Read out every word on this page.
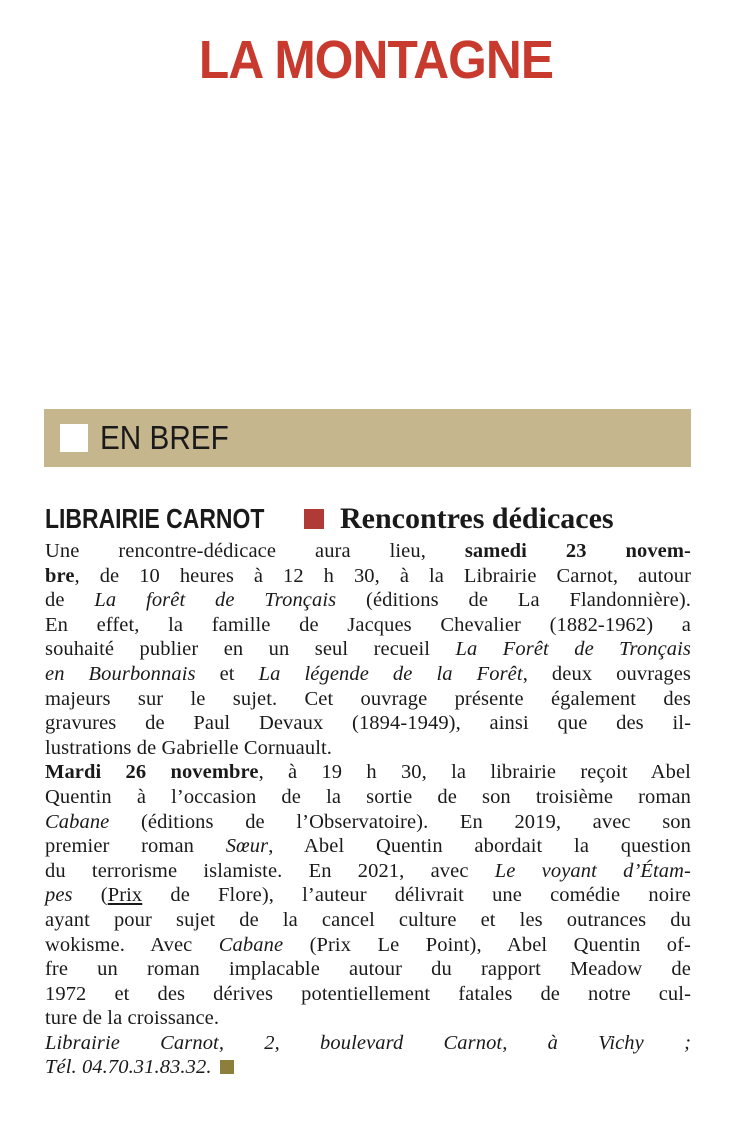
LA MONTAGNE
EN BREF
LIBRAIRIE CARNOT	Rencontres dédicaces
Une rencontre-dédicace aura lieu, samedi 23 novem-
bre, de 10 heures à 12 h 30, à la Librairie Carnot, autour
de La forêt de Tronçais (éditions de La Flandonnière).
En effet, la famille de Jacques Chevalier (1882-1962) a
souhaité publier en un seul recueil La Forêt de Tronçais
en Bourbonnais et La légende de la Forêt, deux ouvrages
majeurs sur le sujet. Cet ouvrage présente également des
gravures de Paul Devaux (1894-1949), ainsi que des il-
lustrations de Gabrielle Cornuault.
Mardi 26 novembre, à 19 h 30, la librairie reçoit Abel
Quentin à l’occasion de la sortie de son troisième roman
Cabane (éditions de l’Observatoire). En 2019, avec son
premier roman Sœur, Abel Quentin abordait la question
du terrorisme islamiste. En 2021, avec Le voyant d’Étam-
pes (Prix de Flore), l’auteur délivrait une comédie noire
ayant pour sujet de la cancel culture et les outrances du
wokisme. Avec Cabane (Prix Le Point), Abel Quentin of-
fre un roman implacable autour du rapport Meadow de
1972 et des dérives potentiellement fatales de notre cul-
ture de la croissance.
Librairie Carnot, 2, boulevard Carnot, à Vichy ;
Tél. 04.70.31.83.32.
